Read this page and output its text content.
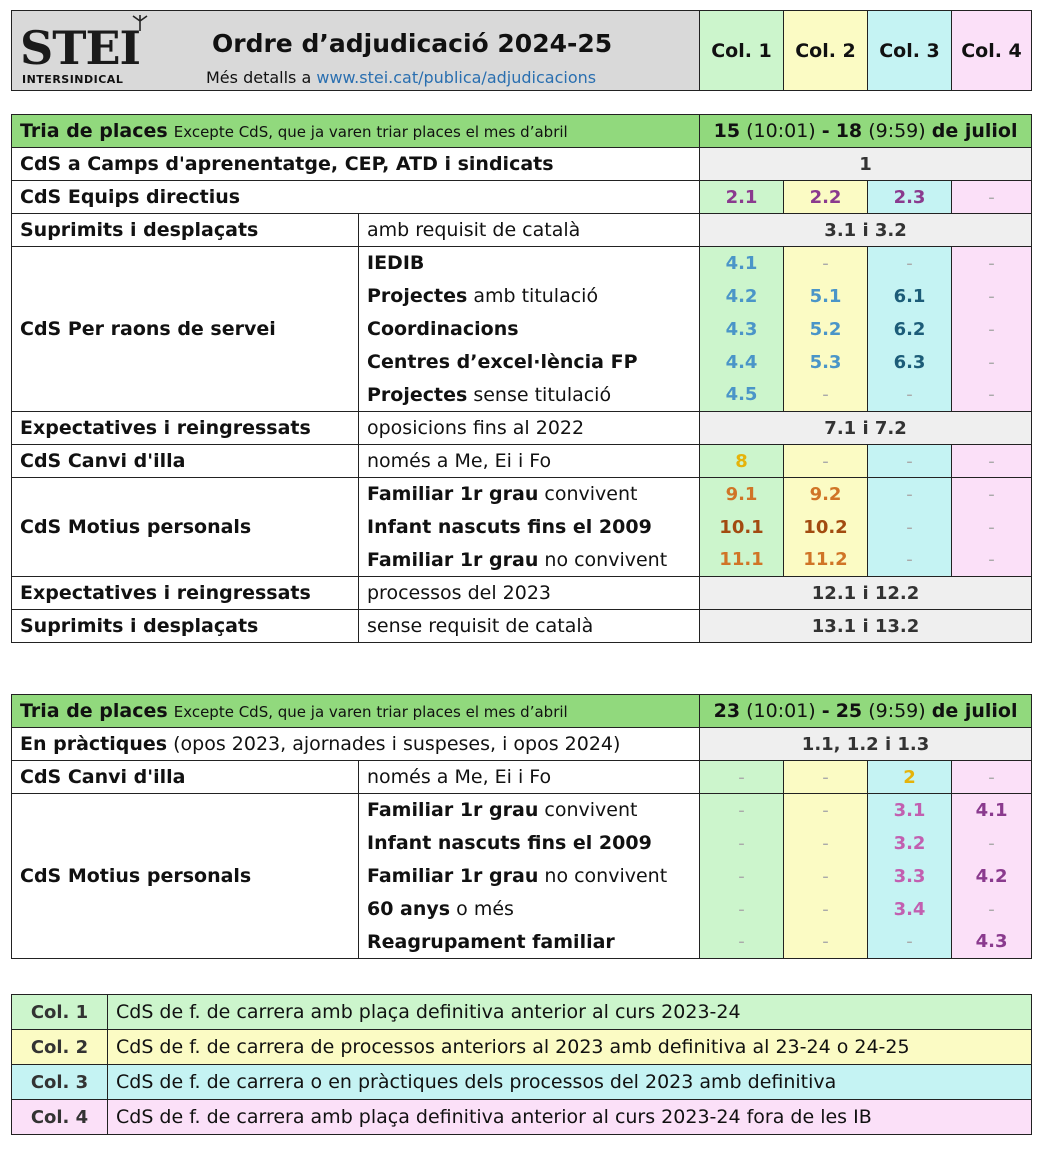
STEI
INTERSINDICAL
Ordre d’adjudicació 2024-25
Més detalls a www.stei.cat/publica/adjudicacions
	Col. 1	Col. 2	Col. 3	Col. 4
Tria de places Excepte CdS, que ja varen triar places el mes d’abril		15 (10:01) - 18 (9:59) de juliol			
CdS a Camps d'aprenentatge, CEP, ATD i sindicats		1			
CdS Equips directius		2.1	2.2	2.3	-
Suprimits i desplaçats	amb requisit de català	3.1 i 3.2			
CdS Per raons de servei	IEDIB	4.1	-	-	-
	Projectes amb titulació	4.2	5.1	6.1	-
	Coordinacions	4.3	5.2	6.2	-
	Centres d’excel·lència FP	4.4	5.3	6.3	-
	Projectes sense titulació	4.5	-	-	-
Expectatives i reingressats	oposicions fins al 2022	7.1 i 7.2			
CdS Canvi d'illa	només a Me, Ei i Fo	8	-	-	-
CdS Motius personals	Familiar 1r grau convivent	9.1	9.2	-	-
	Infant nascuts fins el 2009	10.1	10.2	-	-
	Familiar 1r grau no convivent	11.1	11.2	-	-
Expectatives i reingressats	processos del 2023	12.1 i 12.2			
Suprimits i desplaçats	sense requisit de català	13.1 i 13.2			
Tria de places Excepte CdS, que ja varen triar places el mes d’abril		23 (10:01) - 25 (9:59) de juliol			
En pràctiques (opos 2023, ajornades i suspeses, i opos 2024)		1.1, 1.2 i 1.3			
CdS Canvi d'illa	només a Me, Ei i Fo	-	-	2	-
CdS Motius personals	Familiar 1r grau convivent	-	-	3.1	4.1
	Infant nascuts fins el 2009	-	-	3.2	-
	Familiar 1r grau no convivent	-	-	3.3	4.2
	60 anys o més	-	-	3.4	-
	Reagrupament familiar	-	-	-	4.3
Col. 1	CdS de f. de carrera amb plaça definitiva anterior al curs 2023-24
Col. 2	CdS de f. de carrera de processos anteriors al 2023 amb definitiva al 23-24 o 24-25
Col. 3	CdS de f. de carrera o en pràctiques dels processos del 2023 amb definitiva
Col. 4	CdS de f. de carrera amb plaça definitiva anterior al curs 2023-24 fora de les IB
